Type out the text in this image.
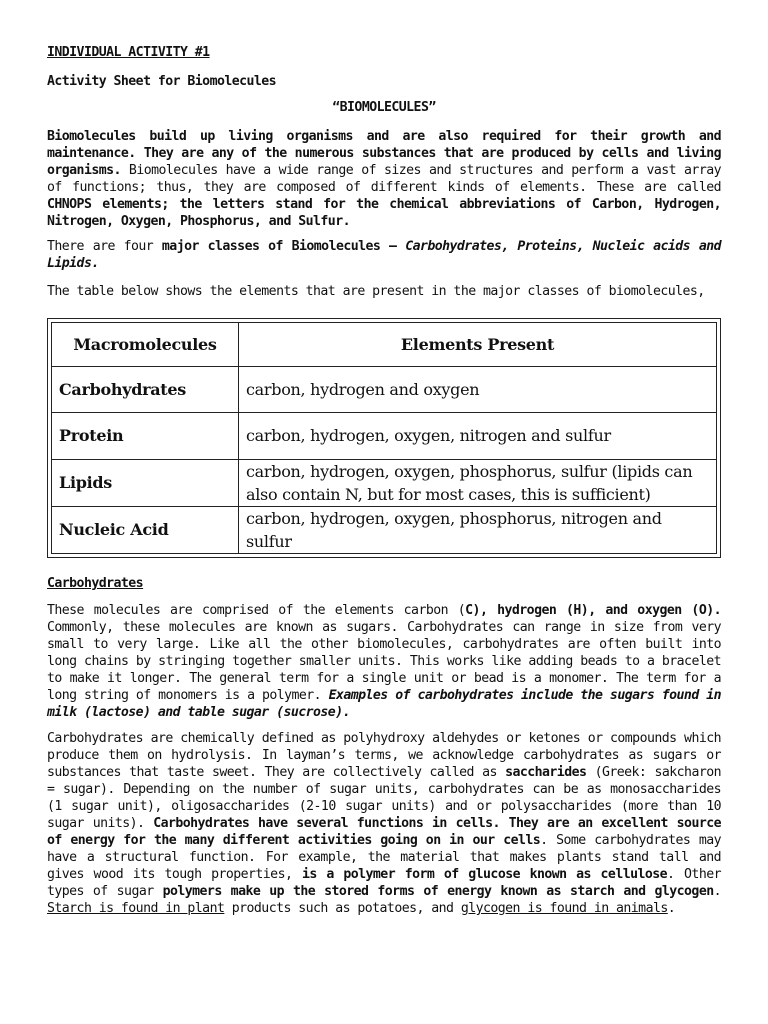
INDIVIDUAL ACTIVITY #1

Activity Sheet for Biomolecules

“BIOMOLECULES”

Biomolecules build up living organisms and are also required for their growth and maintenance. They are any of the numerous substances that are produced by cells and living organisms. Biomolecules have a wide range of sizes and structures and perform a vast array of functions; thus, they are composed of different kinds of elements. These are called CHNOPS elements; the letters stand for the chemical abbreviations of Carbon, Hydrogen, Nitrogen, Oxygen, Phosphorus, and Sulfur.

There are four major classes of Biomolecules – Carbohydrates, Proteins, Nucleic acids and Lipids.

The table below shows the elements that are present in the major classes of biomolecules,

Macromolecules	Elements Present
Carbohydrates	carbon, hydrogen and oxygen
Protein	carbon, hydrogen, oxygen, nitrogen and sulfur
Lipids	carbon, hydrogen, oxygen, phosphorus, sulfur (lipids can also contain N, but for most cases, this is sufficient)
Nucleic Acid	carbon, hydrogen, oxygen, phosphorus, nitrogen and sulfur

Carbohydrates

These molecules are comprised of the elements carbon (C), hydrogen (H), and oxygen (O). Commonly, these molecules are known as sugars. Carbohydrates can range in size from very small to very large. Like all the other biomolecules, carbohydrates are often built into long chains by stringing together smaller units. This works like adding beads to a bracelet to make it longer. The general term for a single unit or bead is a monomer. The term for a long string of monomers is a polymer. Examples of carbohydrates include the sugars found in milk (lactose) and table sugar (sucrose).

Carbohydrates are chemically defined as polyhydroxy aldehydes or ketones or compounds which produce them on hydrolysis. In layman’s terms, we acknowledge carbohydrates as sugars or substances that taste sweet. They are collectively called as saccharides (Greek: sakcharon = sugar). Depending on the number of sugar units, carbohydrates can be as monosaccharides (1 sugar unit), oligosaccharides (2-10 sugar units) and or polysaccharides (more than 10 sugar units). Carbohydrates have several functions in cells. They are an excellent source of energy for the many different activities going on in our cells. Some carbohydrates may have a structural function. For example, the material that makes plants stand tall and gives wood its tough properties, is a polymer form of glucose known as cellulose. Other types of sugar polymers make up the stored forms of energy known as starch and glycogen. Starch is found in plant products such as potatoes, and glycogen is found in animals.
